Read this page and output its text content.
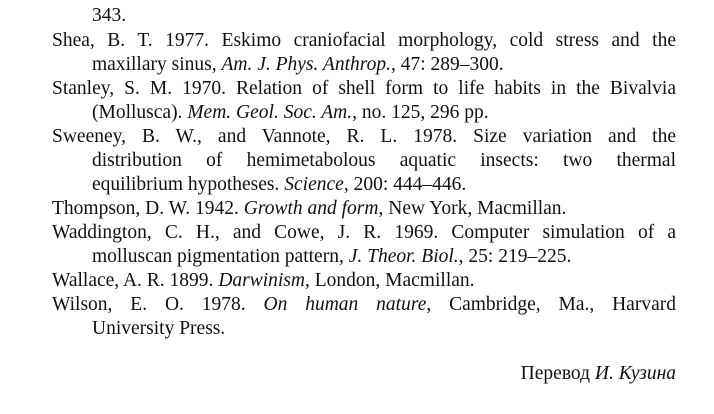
343.
Shea, B. T. 1977. Eskimo craniofacial morphology, cold stress and the
maxillary sinus, Am. J. Phys. Anthrop., 47: 289–300.
Stanley, S. M. 1970. Relation of shell form to life habits in the Bivalvia
(Mollusca). Mem. Geol. Soc. Am., no. 125, 296 pp.
Sweeney, B. W., and Vannote, R. L. 1978. Size variation and the
distribution of hemimetabolous aquatic insects: two thermal
equilibrium hypotheses. Science, 200: 444–446.
Thompson, D. W. 1942. Growth and form, New York, Macmillan.
Waddington, C. H., and Cowe, J. R. 1969. Computer simulation of a
molluscan pigmentation pattern, J. Theor. Biol., 25: 219–225.
Wallace, A. R. 1899. Darwinism, London, Macmillan.
Wilson, E. O. 1978. On human nature, Cambridge, Ma., Harvard
University Press.
Перевод И. Кузина
